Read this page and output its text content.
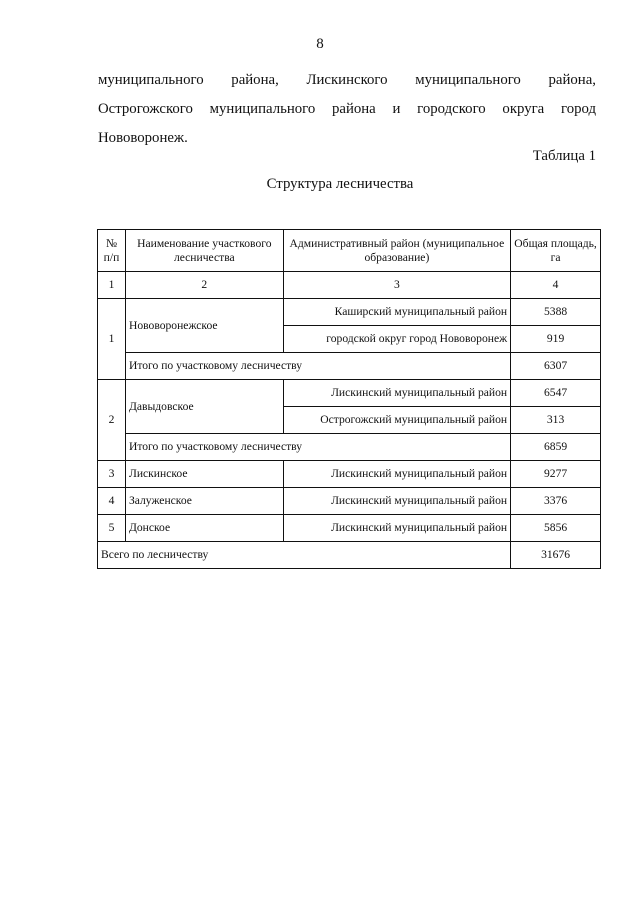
8
муниципального района, Лискинского муниципального района,
Острогожского муниципального района и городского округа город
Нововоронеж.
Таблица 1
Структура лесничества
№ п/п	Наименование участкового лесничества	Административный район (муниципальное образование)	Общая площадь, га
1	2	3	4
1	Нововоронежское	Каширский муниципальный район	5388
		городской округ город Нововоронеж	919
	Итого по участковому лесничеству		6307
2	Давыдовское	Лискинский муниципальный район	6547
		Острогожский муниципальный район	313
	Итого по участковому лесничеству		6859
3	Лискинское	Лискинский муниципальный район	9277
4	Залуженское	Лискинский муниципальный район	3376
5	Донское	Лискинский муниципальный район	5856
Всего по лесничеству			31676
